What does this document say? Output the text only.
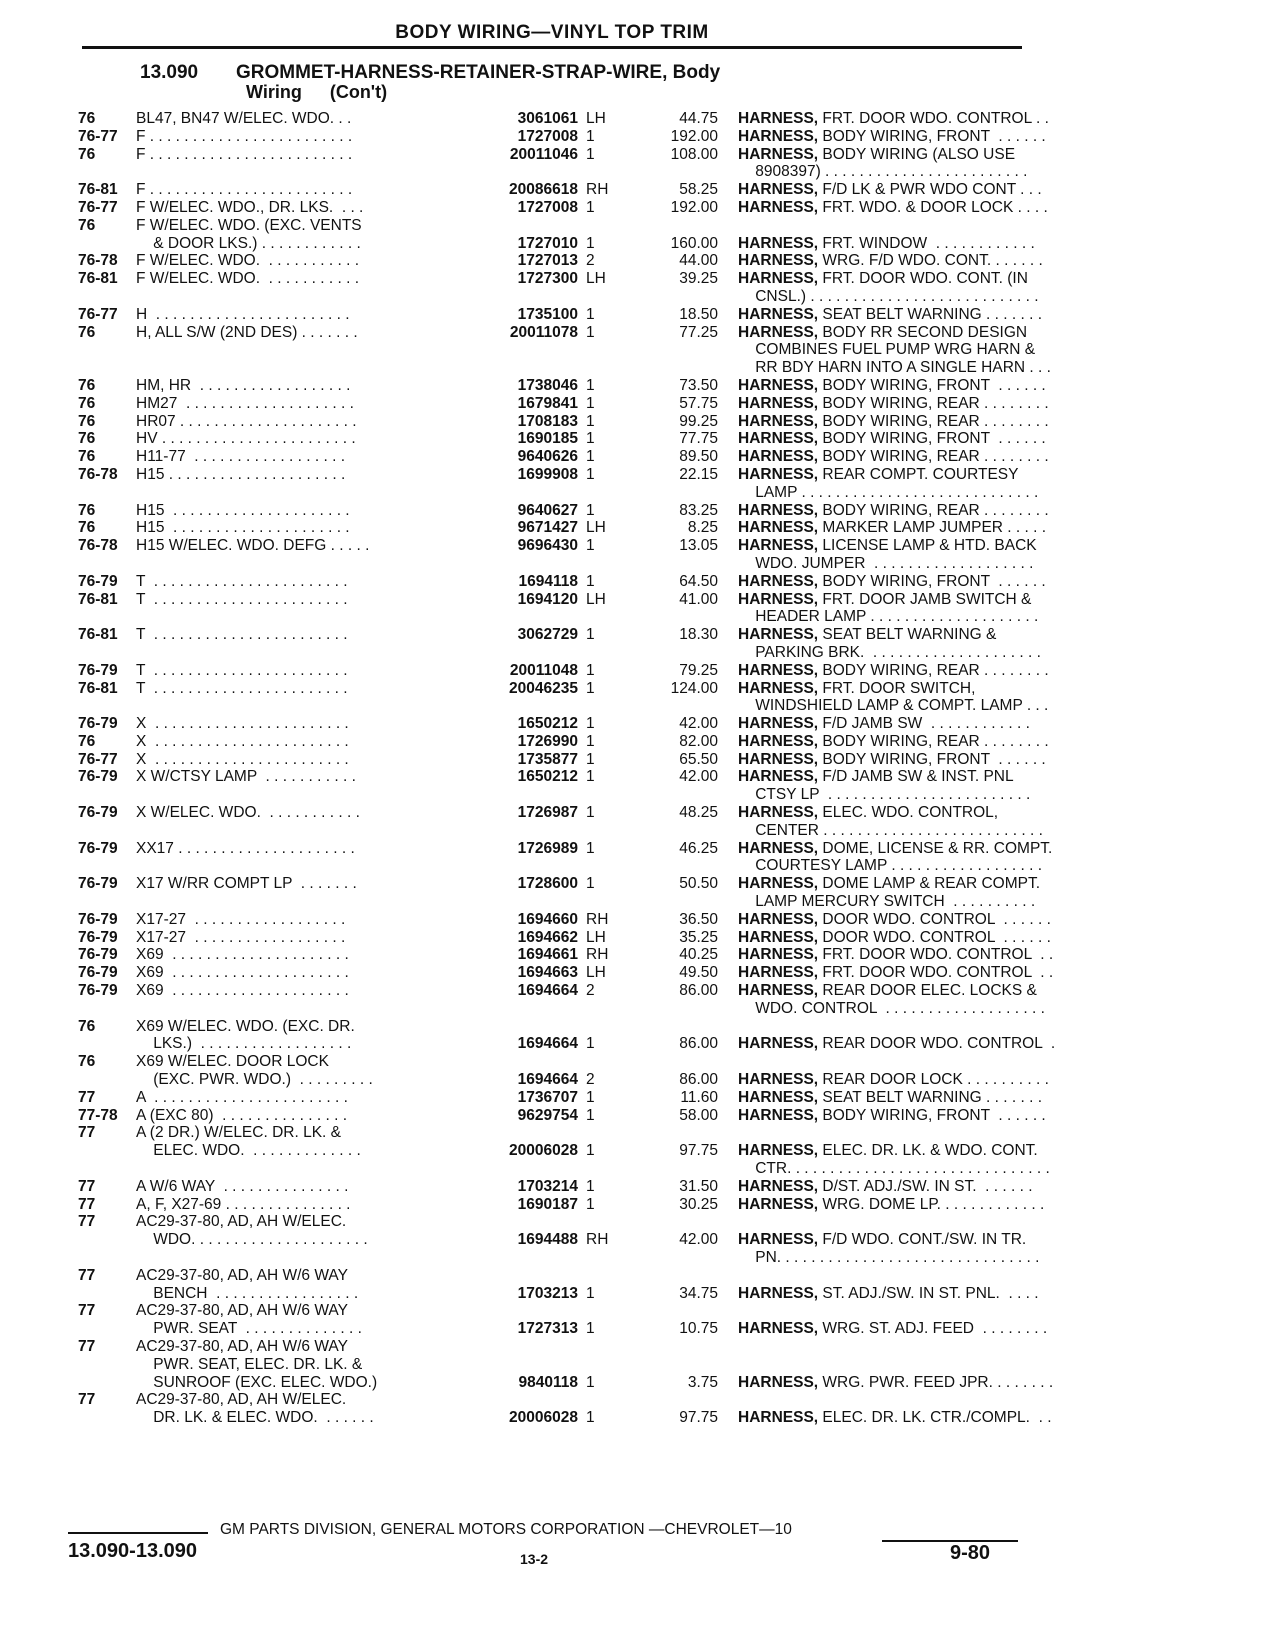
BODY WIRING—VINYL TOP TRIM
13.090 GROMMET-HARNESS-RETAINER-STRAP-WIRE, Body
Wiring (Con't)
76	BL47, BN47 W/ELEC. WDO. . .	3061061 LH	44.75 HARNESS, FRT. DOOR WDO. CONTROL . .
76-77	F . . . . . . . . . . . . . . . . . . . . . . . .	1727008 1	192.00 HARNESS, BODY WIRING, FRONT  . . . . . .
76	F . . . . . . . . . . . . . . . . . . . . . . . .	20011046 1	108.00 HARNESS, BODY WIRING (ALSO USE
8908397) . . . . . . . . . . . . . . . . . . . . . . . .
76-81	F . . . . . . . . . . . . . . . . . . . . . . . .	20086618 RH	58.25 HARNESS, F/D LK & PWR WDO CONT . . .
76-77	F W/ELEC. WDO., DR. LKS.  . . .	1727008 1	192.00 HARNESS, FRT. WDO. & DOOR LOCK . . . .
76	F W/ELEC. WDO. (EXC. VENTS
& DOOR LKS.) . . . . . . . . . . . .	1727010 1	160.00 HARNESS, FRT. WINDOW  . . . . . . . . . . . .
76-78	F W/ELEC. WDO.  . . . . . . . . . . .	1727013 2	44.00 HARNESS, WRG. F/D WDO. CONT. . . . . . .
76-81	F W/ELEC. WDO.  . . . . . . . . . . .	1727300 LH	39.25 HARNESS, FRT. DOOR WDO. CONT. (IN
CNSL.) . . . . . . . . . . . . . . . . . . . . . . . . . . .
76-77	H  . . . . . . . . . . . . . . . . . . . . . . .	1735100 1	18.50 HARNESS, SEAT BELT WARNING . . . . . . .
76	H, ALL S/W (2ND DES) . . . . . . .	20011078 1	77.25 HARNESS, BODY RR SECOND DESIGN
COMBINES FUEL PUMP WRG HARN &
RR BDY HARN INTO A SINGLE HARN . . .
76	HM, HR  . . . . . . . . . . . . . . . . . .	1738046 1	73.50 HARNESS, BODY WIRING, FRONT  . . . . . .
76	HM27  . . . . . . . . . . . . . . . . . . . .	1679841 1	57.75 HARNESS, BODY WIRING, REAR . . . . . . . .
76	HR07 . . . . . . . . . . . . . . . . . . . . .	1708183 1	99.25 HARNESS, BODY WIRING, REAR . . . . . . . .
76	HV . . . . . . . . . . . . . . . . . . . . . . .	1690185 1	77.75 HARNESS, BODY WIRING, FRONT  . . . . . .
76	H11-77  . . . . . . . . . . . . . . . . . .	9640626 1	89.50 HARNESS, BODY WIRING, REAR . . . . . . . .
76-78	H15 . . . . . . . . . . . . . . . . . . . . .	1699908 1	22.15 HARNESS, REAR COMPT. COURTESY
LAMP . . . . . . . . . . . . . . . . . . . . . . . . . . . .
76	H15  . . . . . . . . . . . . . . . . . . . . .	9640627 1	83.25 HARNESS, BODY WIRING, REAR . . . . . . . .
76	H15  . . . . . . . . . . . . . . . . . . . . .	9671427 LH	8.25 HARNESS, MARKER LAMP JUMPER . . . . .
76-78	H15 W/ELEC. WDO. DEFG . . . . .	9696430 1	13.05 HARNESS, LICENSE LAMP & HTD. BACK
WDO. JUMPER  . . . . . . . . . . . . . . . . . . .
76-79	T  . . . . . . . . . . . . . . . . . . . . . . .	1694118 1	64.50 HARNESS, BODY WIRING, FRONT  . . . . . .
76-81	T  . . . . . . . . . . . . . . . . . . . . . . .	1694120 LH	41.00 HARNESS, FRT. DOOR JAMB SWITCH &
HEADER LAMP . . . . . . . . . . . . . . . . . . . .
76-81	T  . . . . . . . . . . . . . . . . . . . . . . .	3062729 1	18.30 HARNESS, SEAT BELT WARNING &
PARKING BRK.  . . . . . . . . . . . . . . . . . . . .
76-79	T  . . . . . . . . . . . . . . . . . . . . . . .	20011048 1	79.25 HARNESS, BODY WIRING, REAR . . . . . . . .
76-81	T  . . . . . . . . . . . . . . . . . . . . . . .	20046235 1	124.00 HARNESS, FRT. DOOR SWITCH,
WINDSHIELD LAMP & COMPT. LAMP . . .
76-79	X  . . . . . . . . . . . . . . . . . . . . . . .	1650212 1	42.00 HARNESS, F/D JAMB SW  . . . . . . . . . . . .
76	X  . . . . . . . . . . . . . . . . . . . . . . .	1726990 1	82.00 HARNESS, BODY WIRING, REAR . . . . . . . .
76-77	X  . . . . . . . . . . . . . . . . . . . . . . .	1735877 1	65.50 HARNESS, BODY WIRING, FRONT  . . . . . .
76-79	X W/CTSY LAMP  . . . . . . . . . . .	1650212 1	42.00 HARNESS, F/D JAMB SW & INST. PNL
CTSY LP  . . . . . . . . . . . . . . . . . . . . . . . .
76-79	X W/ELEC. WDO.  . . . . . . . . . . .	1726987 1	48.25 HARNESS, ELEC. WDO. CONTROL,
CENTER . . . . . . . . . . . . . . . . . . . . . . . . . .
76-79	XX17 . . . . . . . . . . . . . . . . . . . . .	1726989 1	46.25 HARNESS, DOME, LICENSE & RR. COMPT.
COURTESY LAMP . . . . . . . . . . . . . . . . . .
76-79	X17 W/RR COMPT LP  . . . . . . .	1728600 1	50.50 HARNESS, DOME LAMP & REAR COMPT.
LAMP MERCURY SWITCH  . . . . . . . . . .
76-79	X17-27  . . . . . . . . . . . . . . . . . .	1694660 RH	36.50 HARNESS, DOOR WDO. CONTROL  . . . . . .
76-79	X17-27  . . . . . . . . . . . . . . . . . .	1694662 LH	35.25 HARNESS, DOOR WDO. CONTROL  . . . . . .
76-79	X69  . . . . . . . . . . . . . . . . . . . . .	1694661 RH	40.25 HARNESS, FRT. DOOR WDO. CONTROL  . .
76-79	X69  . . . . . . . . . . . . . . . . . . . . .	1694663 LH	49.50 HARNESS, FRT. DOOR WDO. CONTROL  . .
76-79	X69  . . . . . . . . . . . . . . . . . . . . .	1694664 2	86.00 HARNESS, REAR DOOR ELEC. LOCKS &
WDO. CONTROL  . . . . . . . . . . . . . . . . . . .
76	X69 W/ELEC. WDO. (EXC. DR.
LKS.)  . . . . . . . . . . . . . . . . . .	1694664 1	86.00 HARNESS, REAR DOOR WDO. CONTROL  .
76	X69 W/ELEC. DOOR LOCK
(EXC. PWR. WDO.)  . . . . . . . . .	1694664 2	86.00 HARNESS, REAR DOOR LOCK . . . . . . . . . .
77	A  . . . . . . . . . . . . . . . . . . . . . . .	1736707 1	11.60 HARNESS, SEAT BELT WARNING . . . . . . .
77-78	A (EXC 80)  . . . . . . . . . . . . . . .	9629754 1	58.00 HARNESS, BODY WIRING, FRONT  . . . . . .
77	A (2 DR.) W/ELEC. DR. LK. &
ELEC. WDO.  . . . . . . . . . . . . .	20006028 1	97.75 HARNESS, ELEC. DR. LK. & WDO. CONT.
CTR. . . . . . . . . . . . . . . . . . . . . . . . . . . . . . .
77	A W/6 WAY  . . . . . . . . . . . . . . .	1703214 1	31.50 HARNESS, D/ST. ADJ./SW. IN ST.  . . . . . .
77	A, F, X27-69 . . . . . . . . . . . . . . .	1690187 1	30.25 HARNESS, WRG. DOME LP. . . . . . . . . . . . .
77	AC29-37-80, AD, AH W/ELEC.
WDO. . . . . . . . . . . . . . . . . . . . .	1694488 RH	42.00 HARNESS, F/D WDO. CONT./SW. IN TR.
PN. . . . . . . . . . . . . . . . . . . . . . . . . . . . . . .
77	AC29-37-80, AD, AH W/6 WAY
BENCH  . . . . . . . . . . . . . . . . .	1703213 1	34.75 HARNESS, ST. ADJ./SW. IN ST. PNL.  . . . .
77	AC29-37-80, AD, AH W/6 WAY
PWR. SEAT  . . . . . . . . . . . . . .	1727313 1	10.75 HARNESS, WRG. ST. ADJ. FEED  . . . . . . . .
77	AC29-37-80, AD, AH W/6 WAY
PWR. SEAT, ELEC. DR. LK. &
SUNROOF (EXC. ELEC. WDO.)	9840118 1	3.75 HARNESS, WRG. PWR. FEED JPR. . . . . . . .
77	AC29-37-80, AD, AH W/ELEC.
DR. LK. & ELEC. WDO.  . . . . . .	20006028 1	97.75 HARNESS, ELEC. DR. LK. CTR./COMPL.  . .
GM PARTS DIVISION, GENERAL MOTORS CORPORATION —CHEVROLET—10
13.090-13.090	13-2	9-80
